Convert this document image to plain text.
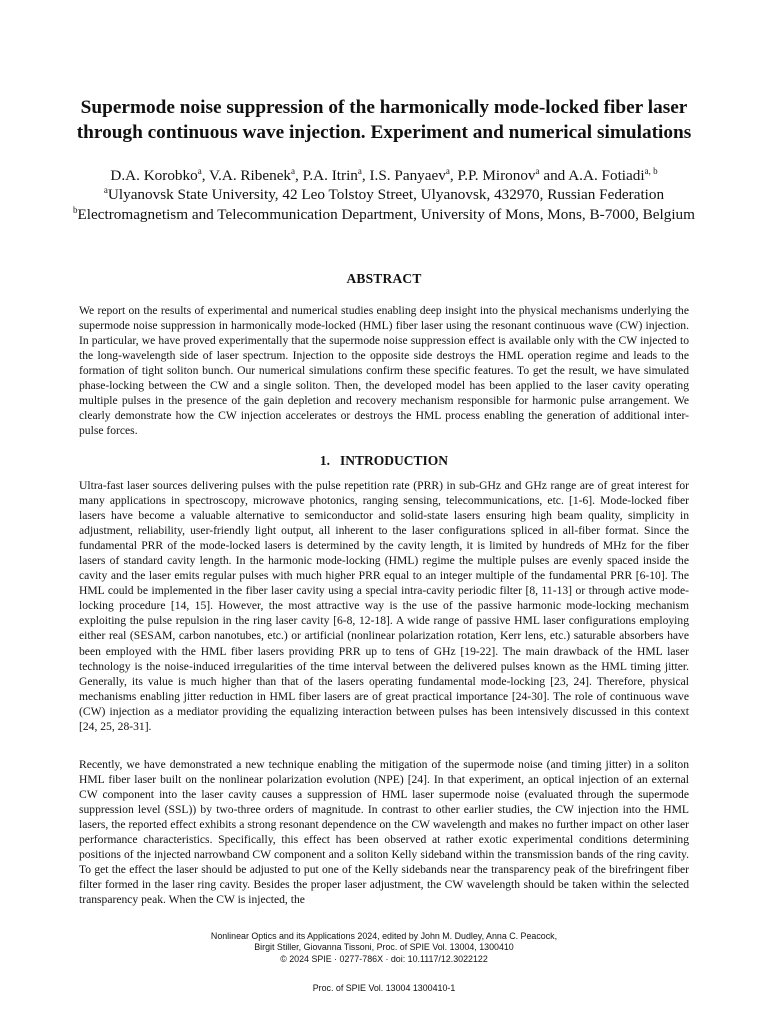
Supermode noise suppression of the harmonically mode-locked fiber laser through continuous wave injection. Experiment and numerical simulations
D.A. Korobko$^a$, V.A. Ribenek$^a$, P.A. Itrin$^a$, I.S. Panyaev$^a$, P.P. Mironov$^a$ and A.A. Fotiadi$^{a, b}$
$^a$Ulyanovsk State University, 42 Leo Tolstoy Street, Ulyanovsk, 432970, Russian Federation
$^b$Electromagnetism and Telecommunication Department, University of Mons, Mons, B-7000, Belgium
ABSTRACT

We report on the results of experimental and numerical studies enabling deep insight into the physical mechanisms underlying the supermode noise suppression in harmonically mode-locked (HML) fiber laser using the resonant continuous wave (CW) injection. In particular, we have proved experimentally that the supermode noise suppression effect is available only with the CW injected to the long-wavelength side of laser spectrum. Injection to the opposite side destroys the HML operation regime and leads to the formation of tight soliton bunch. Our numerical simulations confirm these specific features. To get the result, we have simulated phase-locking between the CW and a single soliton. Then, the developed model has been applied to the laser cavity operating multiple pulses in the presence of the gain depletion and recovery mechanism responsible for harmonic pulse arrangement. We clearly demonstrate how the CW injection accelerates or destroys the HML process enabling the generation of additional inter-pulse forces.

1. INTRODUCTION

Ultra-fast laser sources delivering pulses with the pulse repetition rate (PRR) in sub-GHz and GHz range are of great interest for many applications in spectroscopy, microwave photonics, ranging sensing, telecommunications, etc. [1-6]. Mode-locked fiber lasers have become a valuable alternative to semiconductor and solid-state lasers ensuring high beam quality, simplicity in adjustment, reliability, user-friendly light output, all inherent to the laser configurations spliced in all-fiber format. Since the fundamental PRR of the mode-locked lasers is determined by the cavity length, it is limited by hundreds of MHz for the fiber lasers of standard cavity length. In the harmonic mode-locking (HML) regime the multiple pulses are evenly spaced inside the cavity and the laser emits regular pulses with much higher PRR equal to an integer multiple of the fundamental PRR [6-10]. The HML could be implemented in the fiber laser cavity using a special intra-cavity periodic filter [8, 11-13] or through active mode-locking procedure [14, 15]. However, the most attractive way is the use of the passive harmonic mode-locking mechanism exploiting the pulse repulsion in the ring laser cavity [6-8, 12-18]. A wide range of passive HML laser configurations employing either real (SESAM, carbon nanotubes, etc.) or artificial (nonlinear polarization rotation, Kerr lens, etc.) saturable absorbers have been employed with the HML fiber lasers providing PRR up to tens of GHz [19-22]. The main drawback of the HML laser technology is the noise-induced irregularities of the time interval between the delivered pulses known as the HML timing jitter. Generally, its value is much higher than that of the lasers operating fundamental mode-locking [23, 24]. Therefore, physical mechanisms enabling jitter reduction in HML fiber lasers are of great practical importance [24-30]. The role of continuous wave (CW) injection as a mediator providing the equalizing interaction between pulses has been intensively discussed in this context [24, 25, 28-31].

Recently, we have demonstrated a new technique enabling the mitigation of the supermode noise (and timing jitter) in a soliton HML fiber laser built on the nonlinear polarization evolution (NPE) [24]. In that experiment, an optical injection of an external CW component into the laser cavity causes a suppression of HML laser supermode noise (evaluated through the supermode suppression level (SSL)) by two-three orders of magnitude. In contrast to other earlier studies, the CW injection into the HML lasers, the reported effect exhibits a strong resonant dependence on the CW wavelength and makes no further impact on other laser performance characteristics. Specifically, this effect has been observed at rather exotic experimental conditions determining positions of the injected narrowband CW component and a soliton Kelly sideband within the transmission bands of the ring cavity. To get the effect the laser should be adjusted to put one of the Kelly sidebands near the transparency peak of the birefringent fiber filter formed in the laser ring cavity. Besides the proper laser adjustment, the CW wavelength should be taken within the selected transparency peak. When the CW is injected, the

Nonlinear Optics and its Applications 2024, edited by John M. Dudley, Anna C. Peacock,
Birgit Stiller, Giovanna Tissoni, Proc. of SPIE Vol. 13004, 1300410
© 2024 SPIE · 0277-786X · doi: 10.1117/12.3022122
Proc. of SPIE Vol. 13004 1300410-1
